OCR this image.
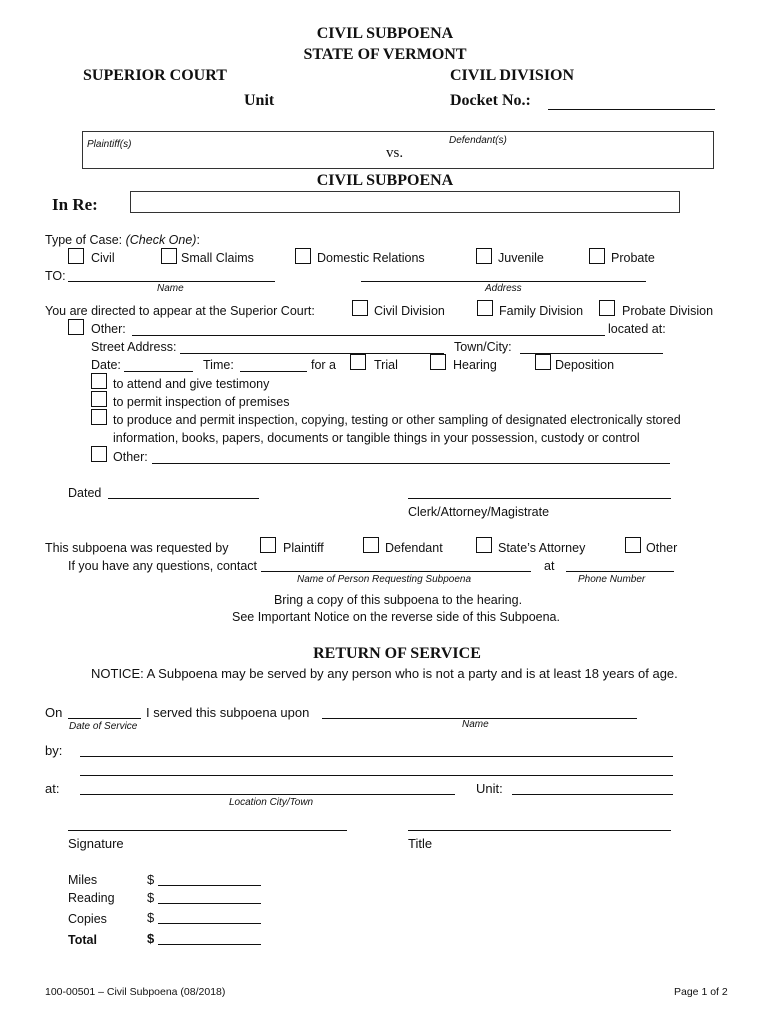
CIVIL SUBPOENA
STATE OF VERMONT
SUPERIOR COURT	CIVIL DIVISION
Unit	Docket No.:
Plaintiff(s)
vs.
Defendant(s)
CIVIL SUBPOENA
In Re:
Type of Case: (Check One):
Civil	Small Claims	Domestic Relations	Juvenile	Probate
TO:
Name	Address
You are directed to appear at the Superior Court:	Civil Division	Family Division	Probate Division
Other:	located at:
Street Address:	Town/City:
Date:	Time:	for a	Trial	Hearing	Deposition
to attend and give testimony
to permit inspection of premises
to produce and permit inspection, copying, testing or other sampling of designated electronically stored
information, books, papers, documents or tangible things in your possession, custody or control
Other:
Dated
Clerk/Attorney/Magistrate
This subpoena was requested by	Plaintiff	Defendant	State’s Attorney	Other
If you have any questions, contact	at
Name of Person Requesting Subpoena	Phone Number
Bring a copy of this subpoena to the hearing.
See Important Notice on the reverse side of this Subpoena.
RETURN OF SERVICE
NOTICE: A Subpoena may be served by any person who is not a party and is at least 18 years of age.
On	I served this subpoena upon
Date of Service	Name
by:
at:
Location City/Town
Unit:
Signature	Title
Miles	$
Reading $
Copies	$
Total	$
100-00501 – Civil Subpoena (08/2018)	Page 1 of 2
